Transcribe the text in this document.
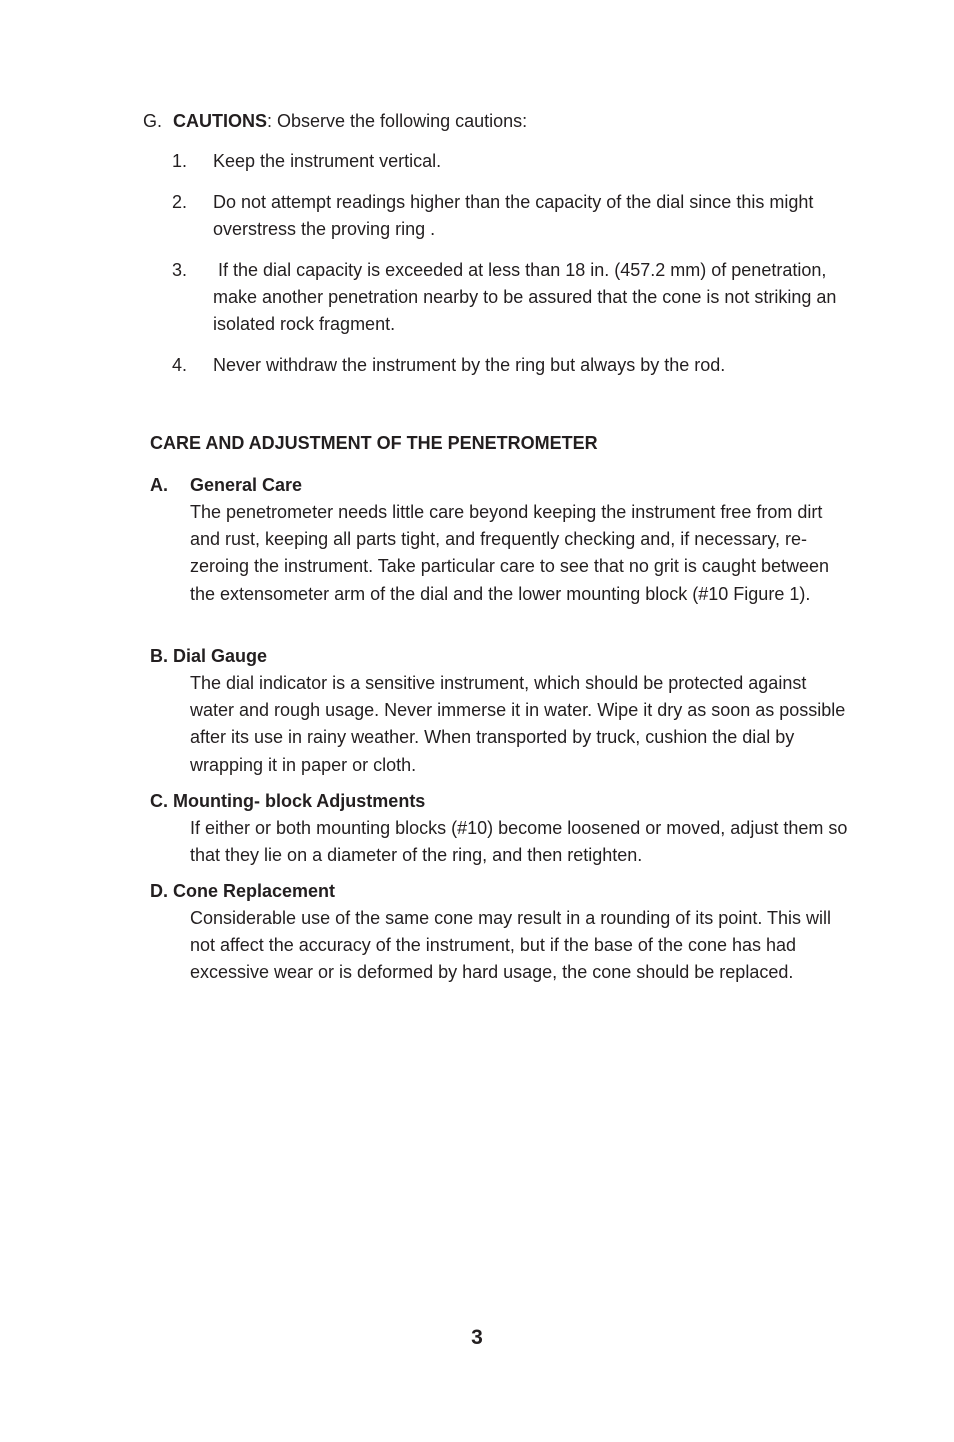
G. CAUTIONS: Observe the following cautions:
1. Keep the instrument vertical.
2. Do not attempt readings higher than the capacity of the dial since this might overstress the proving ring .
3. If the dial capacity is exceeded at less than 18 in. (457.2 mm) of penetration, make another penetration nearby to be assured that the cone is not striking an isolated rock fragment.
4. Never withdraw the instrument by the ring but always by the rod.
CARE AND ADJUSTMENT OF THE PENETROMETER
A. General Care
The penetrometer needs little care beyond keeping the instrument free from dirt and rust, keeping all parts tight, and frequently checking and, if necessary, re-zeroing the instrument. Take particular care to see that no grit is caught between the extensometer arm of the dial and the lower mounting block (#10 Figure 1).
B. Dial Gauge
The dial indicator is a sensitive instrument, which should be protected against water and rough usage. Never immerse it in water. Wipe it dry as soon as possible after its use in rainy weather. When transported by truck, cushion the dial by wrapping it in paper or cloth.
C. Mounting- block Adjustments
If either or both mounting blocks (#10) become loosened or moved, adjust them so that they lie on a diameter of the ring, and then retighten.
D. Cone Replacement
Considerable use of the same cone may result in a rounding of its point. This will not affect the accuracy of the instrument, but if the base of the cone has had excessive wear or is deformed by hard usage, the cone should be replaced.
3
